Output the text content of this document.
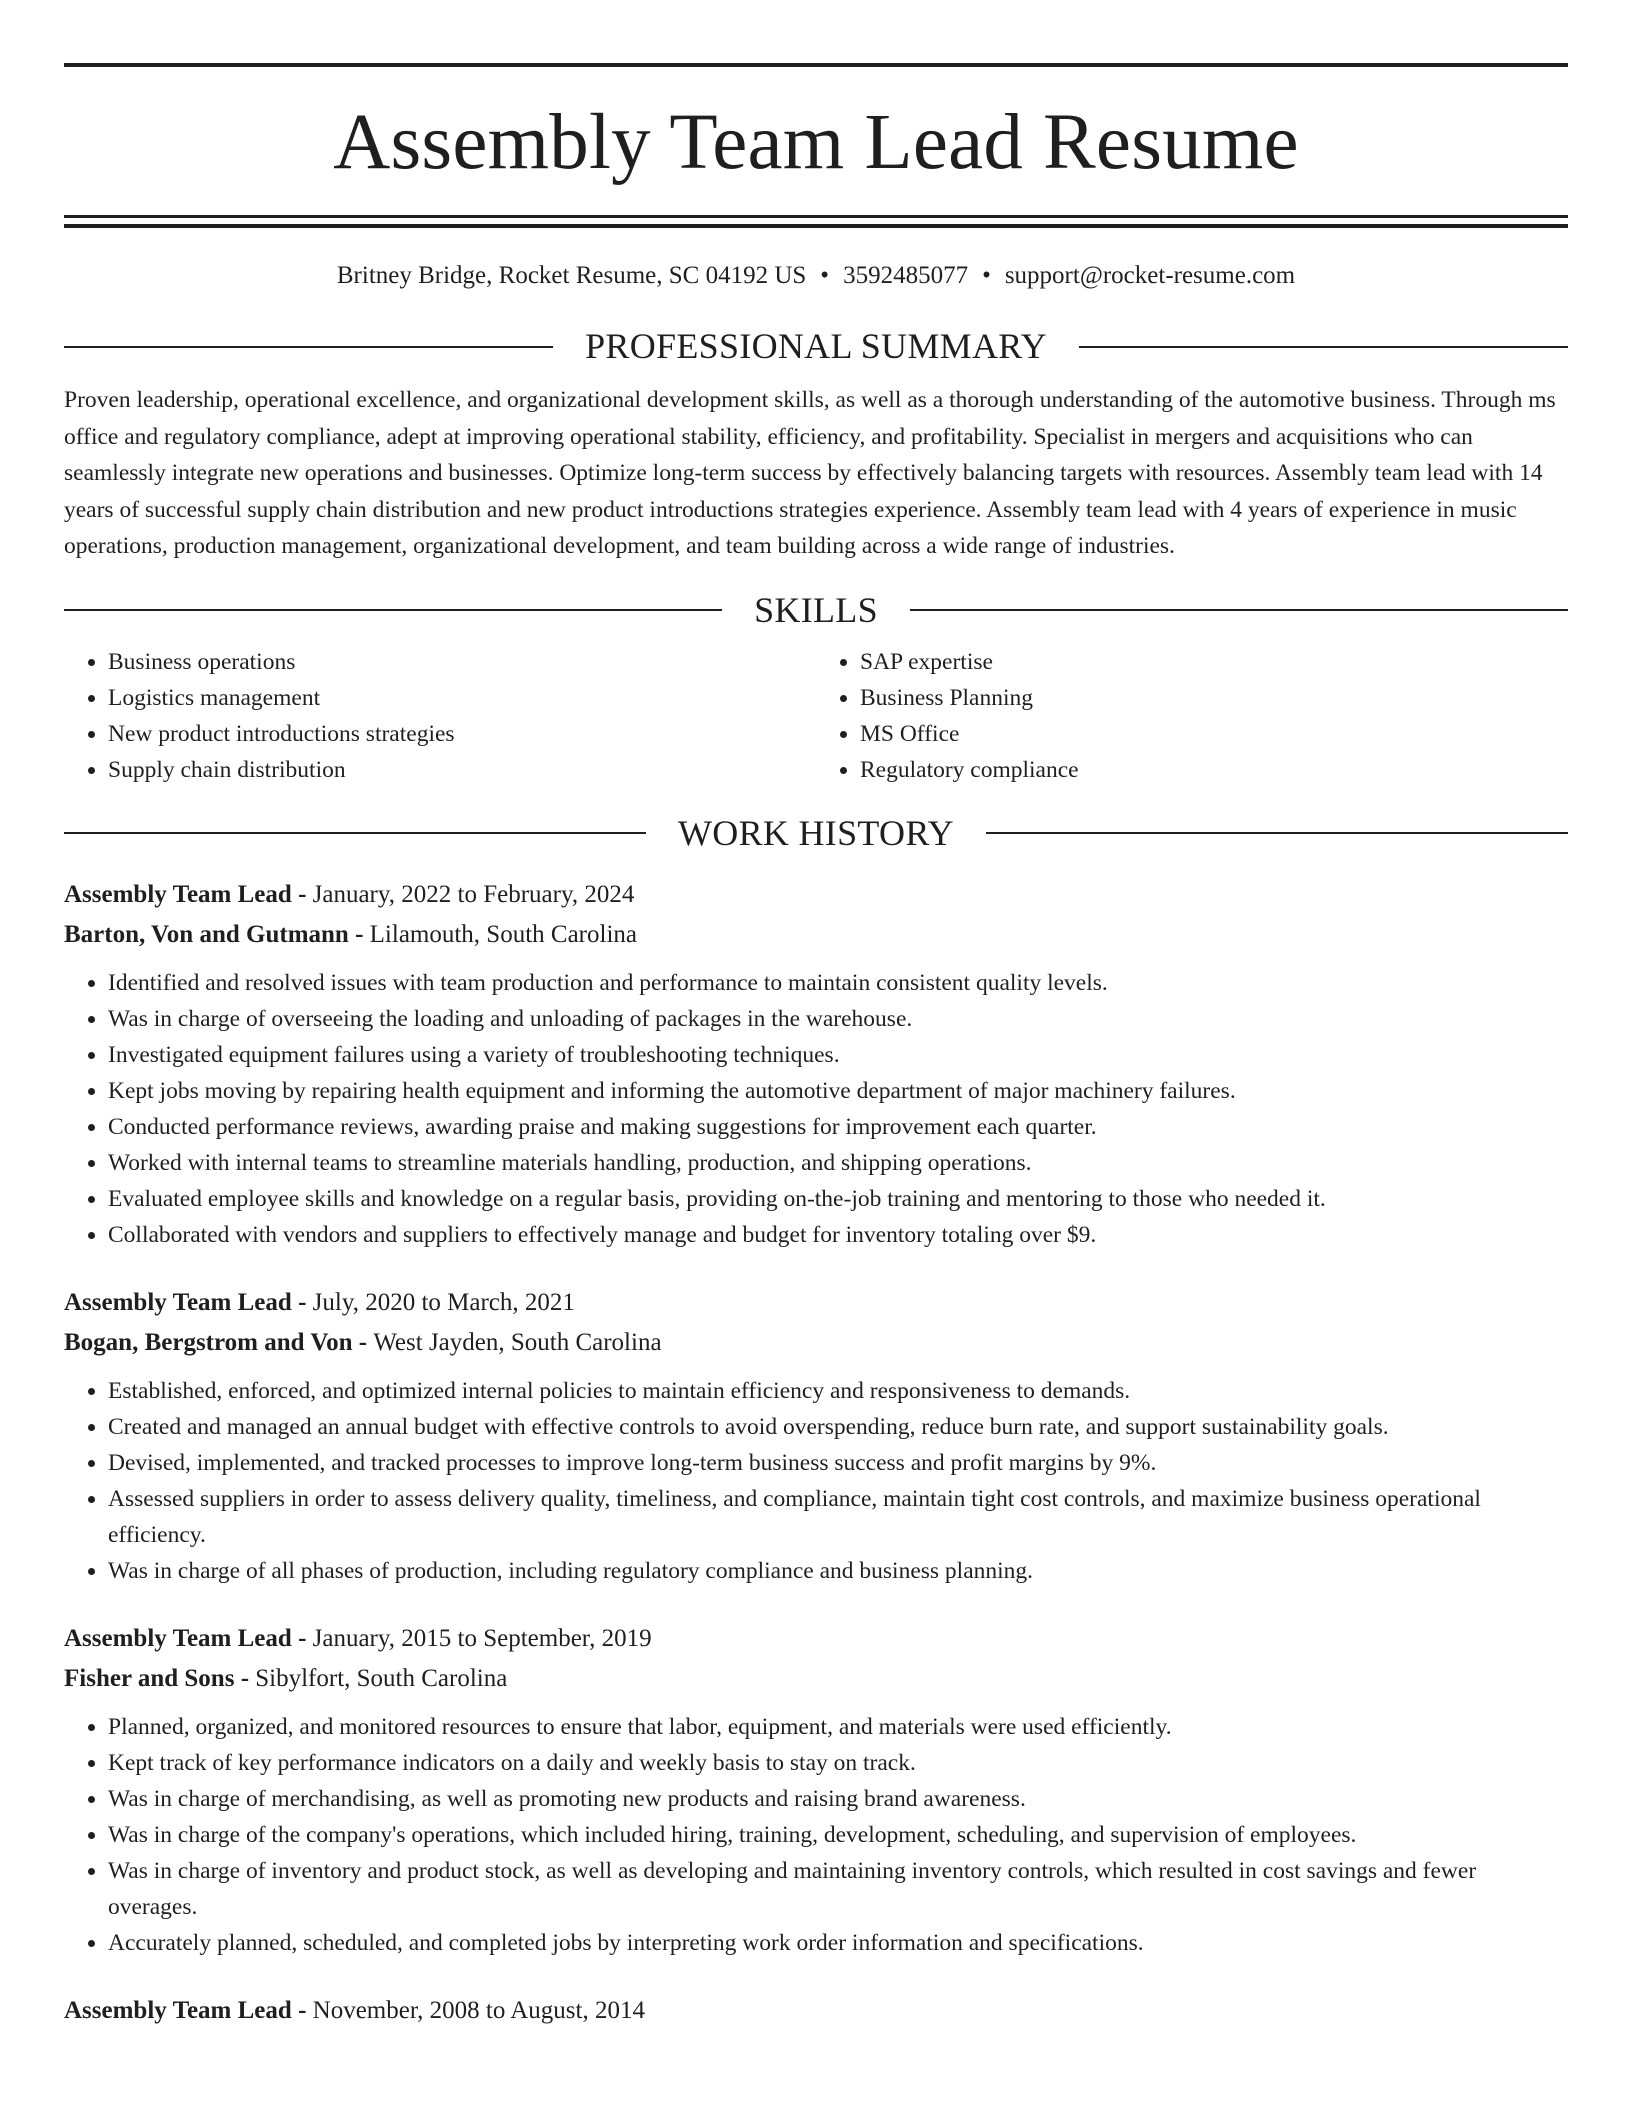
Assembly Team Lead Resume
Britney Bridge, Rocket Resume, SC 04192 US • 3592485077 • support@rocket-resume.com
PROFESSIONAL SUMMARY
Proven leadership, operational excellence, and organizational development skills, as well as a thorough understanding of the automotive business. Through ms office and regulatory compliance, adept at improving operational stability, efficiency, and profitability. Specialist in mergers and acquisitions who can seamlessly integrate new operations and businesses. Optimize long-term success by effectively balancing targets with resources. Assembly team lead with 14 years of successful supply chain distribution and new product introductions strategies experience. Assembly team lead with 4 years of experience in music operations, production management, organizational development, and team building across a wide range of industries.
SKILLS
• Business operations
• Logistics management
• New product introductions strategies
• Supply chain distribution
• SAP expertise
• Business Planning
• MS Office
• Regulatory compliance
WORK HISTORY
Assembly Team Lead - January, 2022 to February, 2024
Barton, Von and Gutmann - Lilamouth, South Carolina
• Identified and resolved issues with team production and performance to maintain consistent quality levels.
• Was in charge of overseeing the loading and unloading of packages in the warehouse.
• Investigated equipment failures using a variety of troubleshooting techniques.
• Kept jobs moving by repairing health equipment and informing the automotive department of major machinery failures.
• Conducted performance reviews, awarding praise and making suggestions for improvement each quarter.
• Worked with internal teams to streamline materials handling, production, and shipping operations.
• Evaluated employee skills and knowledge on a regular basis, providing on-the-job training and mentoring to those who needed it.
• Collaborated with vendors and suppliers to effectively manage and budget for inventory totaling over $9.
Assembly Team Lead - July, 2020 to March, 2021
Bogan, Bergstrom and Von - West Jayden, South Carolina
• Established, enforced, and optimized internal policies to maintain efficiency and responsiveness to demands.
• Created and managed an annual budget with effective controls to avoid overspending, reduce burn rate, and support sustainability goals.
• Devised, implemented, and tracked processes to improve long-term business success and profit margins by 9%.
• Assessed suppliers in order to assess delivery quality, timeliness, and compliance, maintain tight cost controls, and maximize business operational efficiency.
• Was in charge of all phases of production, including regulatory compliance and business planning.
Assembly Team Lead - January, 2015 to September, 2019
Fisher and Sons - Sibylfort, South Carolina
• Planned, organized, and monitored resources to ensure that labor, equipment, and materials were used efficiently.
• Kept track of key performance indicators on a daily and weekly basis to stay on track.
• Was in charge of merchandising, as well as promoting new products and raising brand awareness.
• Was in charge of the company's operations, which included hiring, training, development, scheduling, and supervision of employees.
• Was in charge of inventory and product stock, as well as developing and maintaining inventory controls, which resulted in cost savings and fewer overages.
• Accurately planned, scheduled, and completed jobs by interpreting work order information and specifications.
Assembly Team Lead - November, 2008 to August, 2014
